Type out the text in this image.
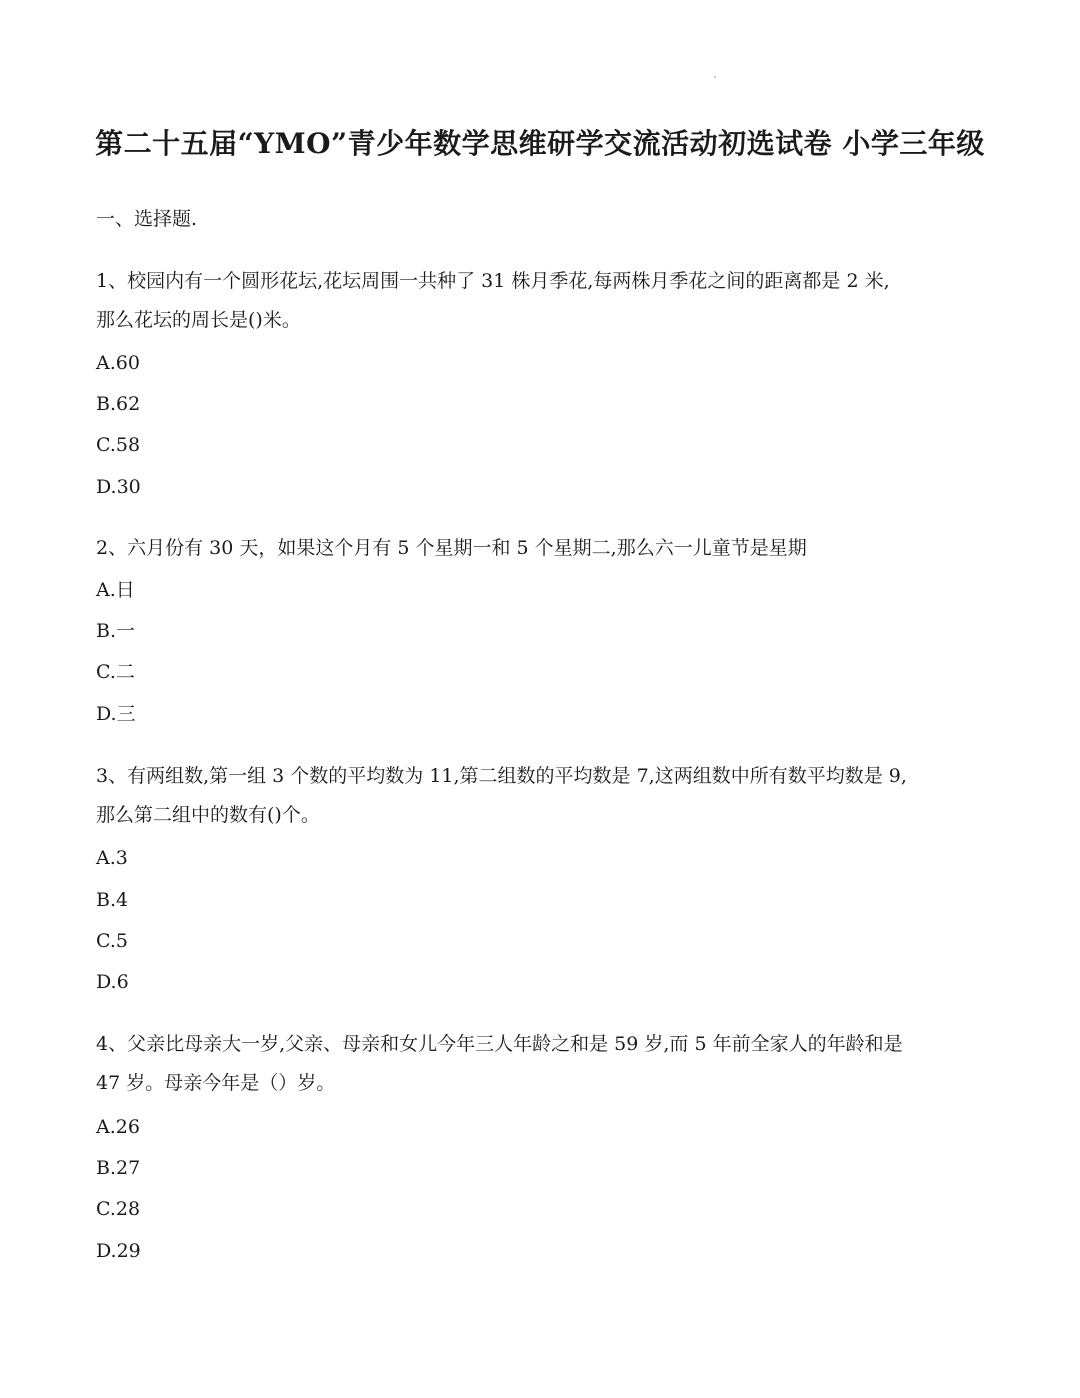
第二十五届“YMO”青少年数学思维研学交流活动初选试卷 小学三年级
一、选择题.
1、校园内有一个圆形花坛,花坛周围一共种了 31 株月季花,每两株月季花之间的距离都是 2 米,
那么花坛的周长是()米。
A.60
B.62
C.58
D.30
2、六月份有 30 天，如果这个月有 5 个星期一和 5 个星期二,那么六一儿童节是星期
A.日
B.一
C.二
D.三
3、有两组数,第一组 3 个数的平均数为 11,第二组数的平均数是 7,这两组数中所有数平均数是 9,
那么第二组中的数有()个。
A.3
B.4
C.5
D.6
4、父亲比母亲大一岁,父亲、母亲和女儿今年三人年龄之和是 59 岁,而 5 年前全家人的年龄和是
47 岁。母亲今年是（）岁。
A.26
B.27
C.28
D.29
